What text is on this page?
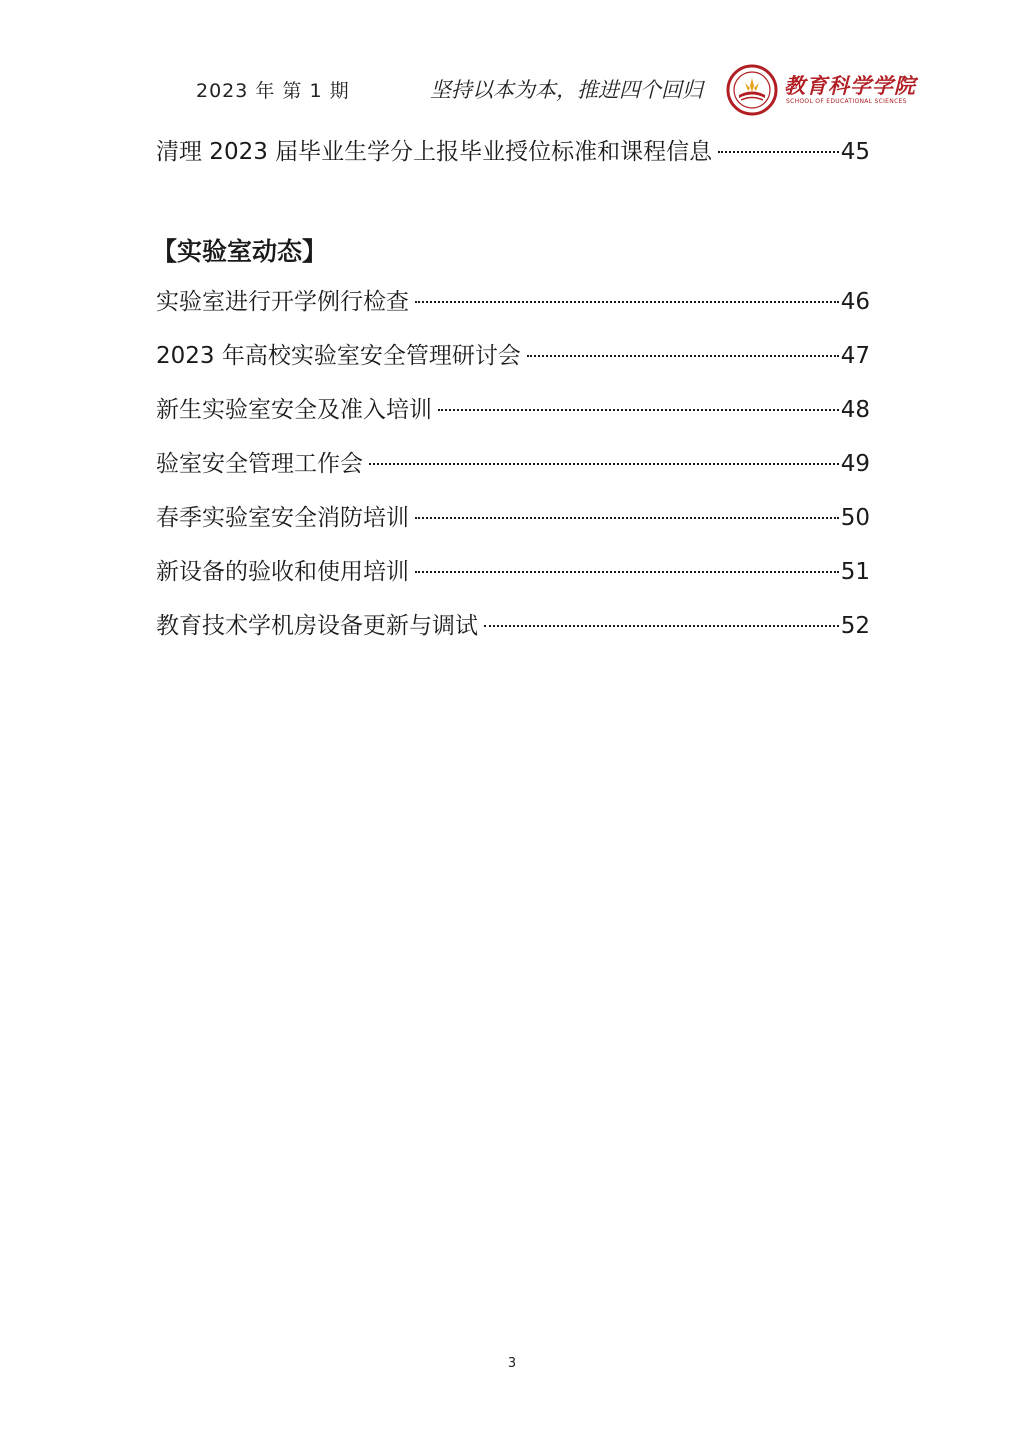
2023 年 第 1 期	坚持以本为本，推进四个回归	教育科学学院
SCHOOL OF EDUCATIONAL SCIENCES
清理 2023 届毕业生学分上报毕业授位标准和课程信息	45
【实验室动态】
实验室进行开学例行检查	46
2023 年高校实验室安全管理研讨会	47
新生实验室安全及准入培训	48
验室安全管理工作会	49
春季实验室安全消防培训	50
新设备的验收和使用培训	51
教育技术学机房设备更新与调试	52
3
